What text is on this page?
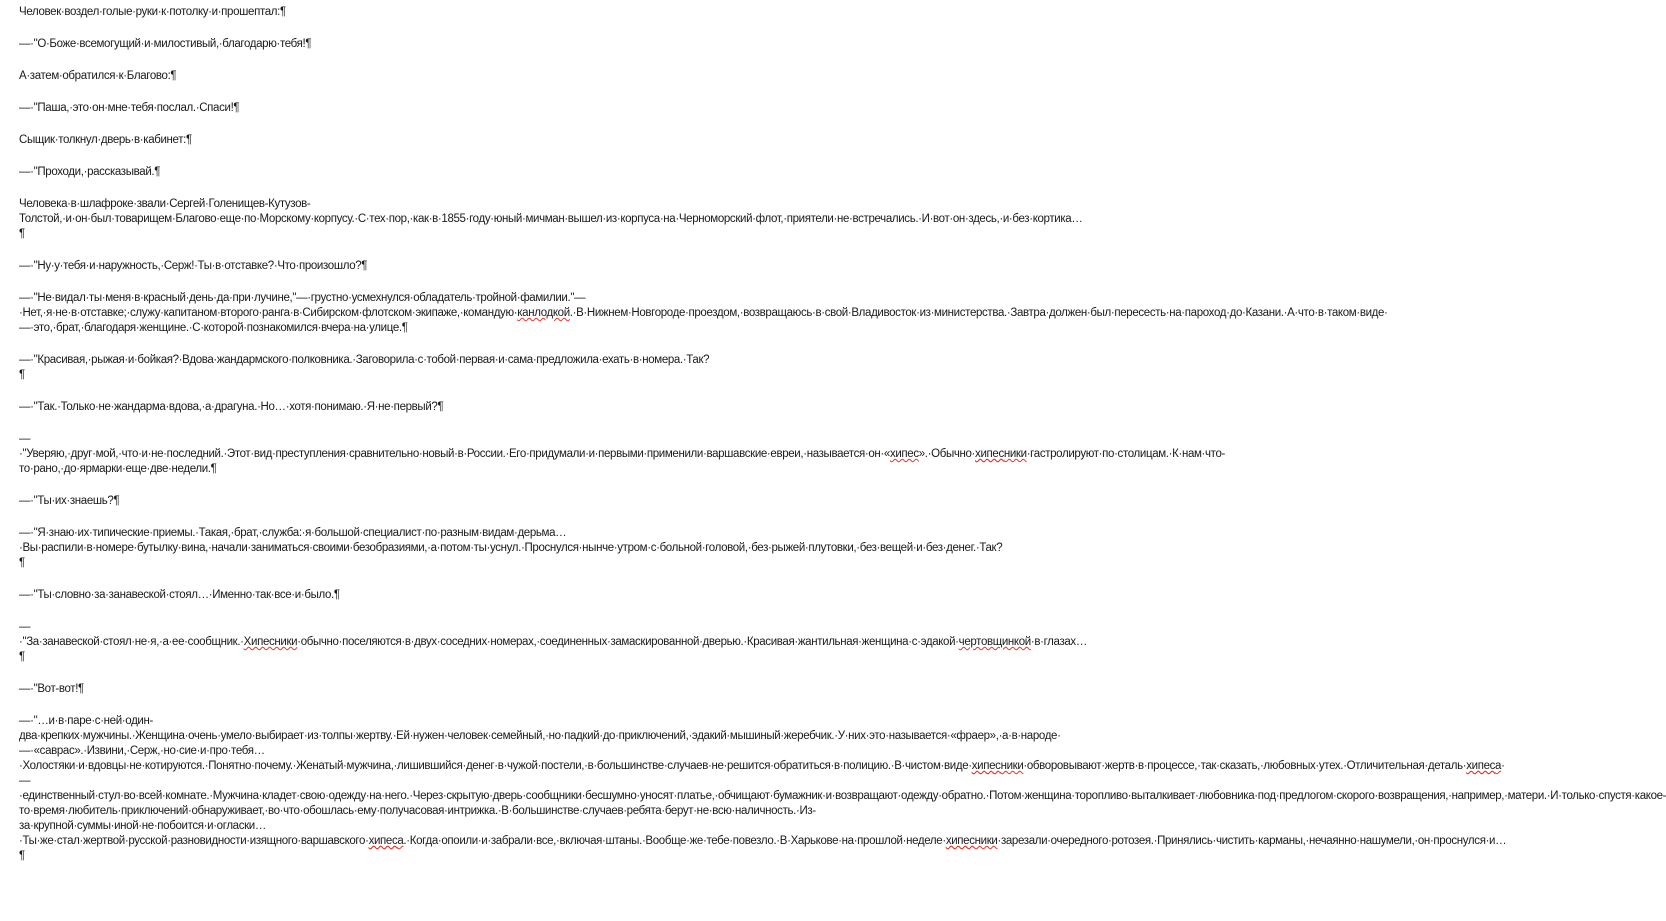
Человек·воздел·голые·руки·к·потолку·и·прошептал:¶

—·"О·Боже·всемогущий·и·милостивый,·благодарю·тебя!¶

А·затем·обратился·к·Благово:¶

—·"Паша,·это·он·мне·тебя·послал.·Спаси!¶

Сыщик·толкнул·дверь·в·кабинет:¶

—·"Проходи,·рассказывай.¶

Человека·в·шлафроке·звали·Сергей·Голенищев-Кутузов-Толстой,·и·он·был·товарищем·Благово·еще·по·Морскому·корпусу.·С·тех·пор,·как·в·1855·году·юный·мичман·вышел·из·корпуса·на·Черноморский·флот,·приятели·не·встречались.·И·вот·он·здесь,·и·без·кортика…¶

—·"Ну·у·тебя·и·наружность,·Серж!·Ты·в·отставке?·Что·произошло?¶

—·"Не·видал·ты·меня·в·красный·день·да·при·лучине,"—·грустно·усмехнулся·обладатель·тройной·фамилии."—·Нет,·я·не·в·отставке;·служу·капитаном·второго·ранга·в·Сибирском·флотском·экипаже,·командую·канлодкой.·В·Нижнем·Новгороде·проездом,·возвращаюсь·в·свой·Владивосток·из·министерства.·Завтра·должен·был·пересесть·на·пароход·до·Казани.·А·что·в·таком·виде·—·это,·брат,·благодаря·женщине.·С·которой·познакомился·вчера·на·улице.¶

—·"Красивая,·рыжая·и·бойкая?·Вдова·жандармского·полковника.·Заговорила·с·тобой·первая·и·сама·предложила·ехать·в·номера.·Так?¶

—·"Так.·Только·не·жандарма·вдова,·а·драгуна.·Но…·хотя·понимаю.·Я·не·первый?¶

—·"Уверяю,·друг·мой,·что·и·не·последний.·Этот·вид·преступления·сравнительно·новый·в·России.·Его·придумали·и·первыми·применили·варшавские·евреи,·называется·он·«хипес».·Обычно·хипесники·гастролируют·по·столицам.·К·нам·что-то·рано,·до·ярмарки·еще·две·недели.¶

—·"Ты·их·знаешь?¶

—·"Я·знаю·их·типические·приемы.·Такая,·брат,·служба:·я·большой·специалист·по·разным·видам·дерьма…·Вы·распили·в·номере·бутылку·вина,·начали·заниматься·своими·безобразиями,·а·потом·ты·уснул.·Проснулся·нынче·утром·с·больной·головой,·без·рыжей·плутовки,·без·вещей·и·без·денег.·Так?¶

—·"Ты·словно·за·занавеской·стоял…·Именно·так·все·и·было.¶

—·"За·занавеской·стоял·не·я,·а·ее·сообщник.·Хипесники·обычно·поселяются·в·двух·соседних·номерах,·соединенных·замаскированной·дверью.·Красивая·жантильная·женщина·с·эдакой·чертовщинкой·в·глазах…¶

—·"Вот-вот!¶

—·"…и·в·паре·с·ней·один-два·крепких·мужчины.·Женщина·очень·умело·выбирает·из·толпы·жертву.·Ей·нужен·человек·семейный,·но·падкий·до·приключений,·эдакий·мышиный·жеребчик.·У·них·это·называется·«фраер»,·а·в·народе·—·«саврас».·Извини,·Серж,·но·сие·и·про·тебя…·Холостяки·и·вдовцы·не·котируются.·Понятно·почему.·Женатый·мужчина,·лишившийся·денег·в·чужой·постели,·в·большинстве·случаев·не·решится·обратиться·в·полицию.·В·чистом·виде·хипесники·обворовывают·жертв·в·процессе,·так·сказать,·любовных·утех.·Отличительная·деталь·хипеса·—·единственный·стул·во·всей·комнате.·Мужчина·кладет·свою·одежду·на·него.·Через·скрытую·дверь·сообщники·бесшумно·уносят·платье,·обчищают·бумажник·и·возвращают·одежду·обратно.·Потом·женщина·торопливо·выталкивает·любовника·под·предлогом·скорого·возвращения,·например,·матери.·И·только·спустя·какое-то·время·любитель·приключений·обнаруживает,·во·что·обошлась·ему·получасовая·интрижка.·В·большинстве·случаев·ребята·берут·не·всю·наличность.·Из-за·крупной·суммы·иной·не·побоится·и·огласки…·Ты·же·стал·жертвой·русской·разновидности·изящного·варшавского·хипеса.·Когда·опоили·и·забрали·все,·включая·штаны.·Вообще·же·тебе·повезло.·В·Харькове·на·прошлой·неделе·хипесники·зарезали·очередного·ротозея.·Принялись·чистить·карманы,·нечаянно·нашумели,·он·проснулся·и…¶
